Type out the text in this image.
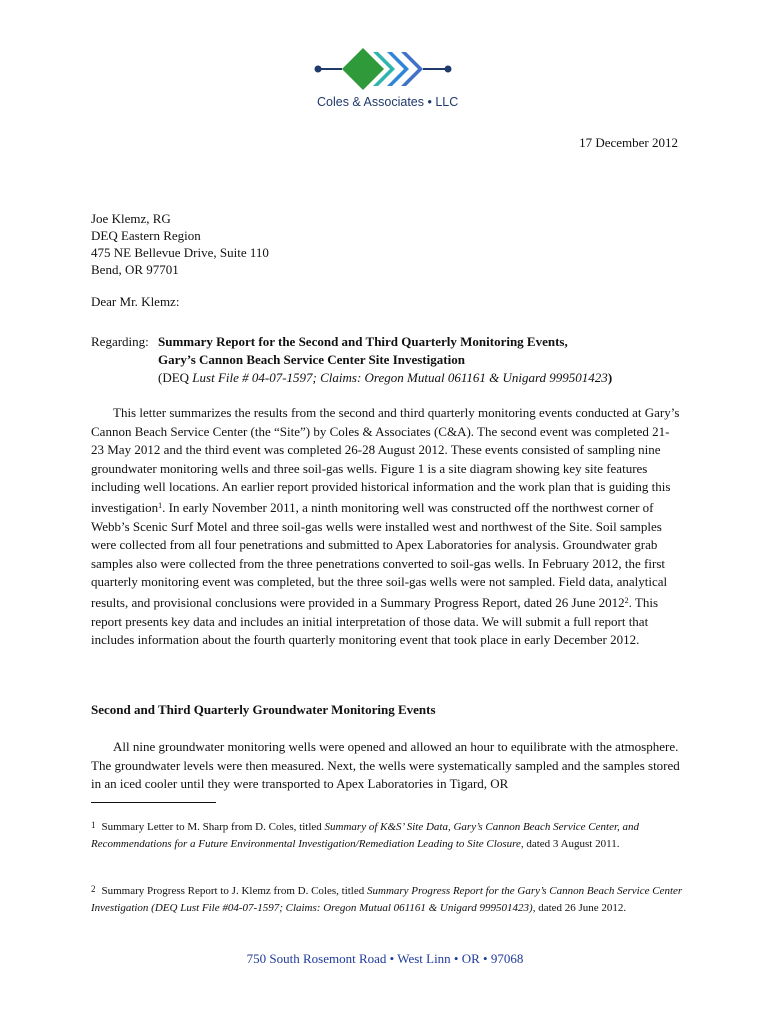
Coles & Associates • LLC
17 December 2012
Joe Klemz, RG
DEQ Eastern Region
475 NE Bellevue Drive, Suite 110
Bend, OR 97701
Dear Mr. Klemz:
Regarding: Summary Report for the Second and Third Quarterly Monitoring Events,
Gary’s Cannon Beach Service Center Site Investigation
(DEQ Lust File # 04-07-1597; Claims: Oregon Mutual 061161 & Unigard 999501423)
This letter summarizes the results from the second and third quarterly monitoring events conducted at Gary’s Cannon Beach Service Center (the “Site”) by Coles & Associates (C&A). The second event was completed 21-23 May 2012 and the third event was completed 26-28 August 2012. These events consisted of sampling nine groundwater monitoring wells and three soil-gas wells. Figure 1 is a site diagram showing key site features including well locations. An earlier report provided historical information and the work plan that is guiding this investigation$^1$. In early November 2011, a ninth monitoring well was constructed off the northwest corner of Webb’s Scenic Surf Motel and three soil-gas wells were installed west and northwest of the Site. Soil samples were collected from all four penetrations and submitted to Apex Laboratories for analysis. Groundwater grab samples also were collected from the three penetrations converted to soil-gas wells. In February 2012, the first quarterly monitoring event was completed, but the three soil-gas wells were not sampled. Field data, analytical results, and provisional conclusions were provided in a Summary Progress Report, dated 26 June 2012$^2$. This report presents key data and includes an initial interpretation of those data. We will submit a full report that includes information about the fourth quarterly monitoring event that took place in early December 2012.
Second and Third Quarterly Groundwater Monitoring Events
All nine groundwater monitoring wells were opened and allowed an hour to equilibrate with the atmosphere. The groundwater levels were then measured. Next, the wells were systematically sampled and the samples stored in an iced cooler until they were transported to Apex Laboratories in Tigard, OR
1 Summary Letter to M. Sharp from D. Coles, titled Summary of K&S’ Site Data, Gary’s Cannon Beach Service Center, and Recommendations for a Future Environmental Investigation/Remediation Leading to Site Closure, dated 3 August 2011.
2 Summary Progress Report to J. Klemz from D. Coles, titled Summary Progress Report for the Gary’s Cannon Beach Service Center Investigation (DEQ Lust File #04-07-1597; Claims: Oregon Mutual 061161 & Unigard 999501423), dated 26 June 2012.
750 South Rosemont Road • West Linn • OR • 97068
